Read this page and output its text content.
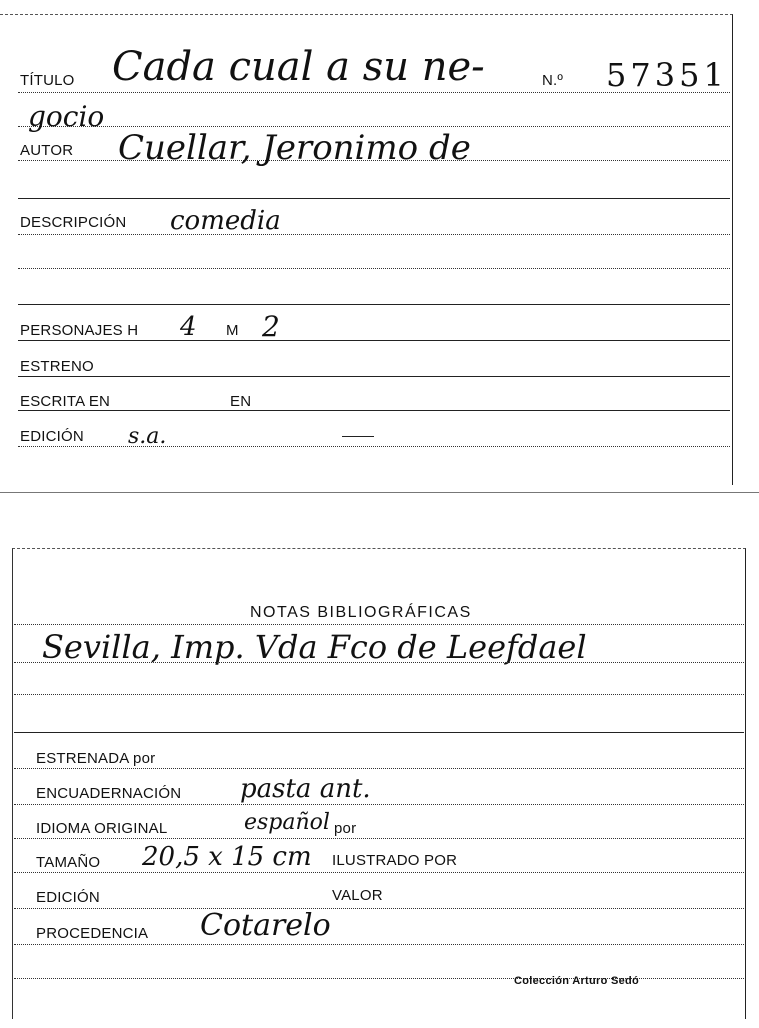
TÍTULO Cada cual a su ne-	N.º 57351
gocio
AUTOR Cuellar, Jeronimo de
DESCRIPCIÓN comedia
PERSONAJES H 4 M 2
ESTRENO
ESCRITA EN	EN
EDICIÓN s.a.
NOTAS BIBLIOGRÁFICAS
Sevilla, Imp. Vda Fco de Leefdael
ESTRENADA por
ENCUADERNACIÓN pasta ant.
IDIOMA ORIGINAL	español por
TAMAÑO 20,5 x 15 cm ILUSTRADO POR
EDICIÓN	VALOR
PROCEDENCIA Cotarelo
Colección Arturo Sedó
